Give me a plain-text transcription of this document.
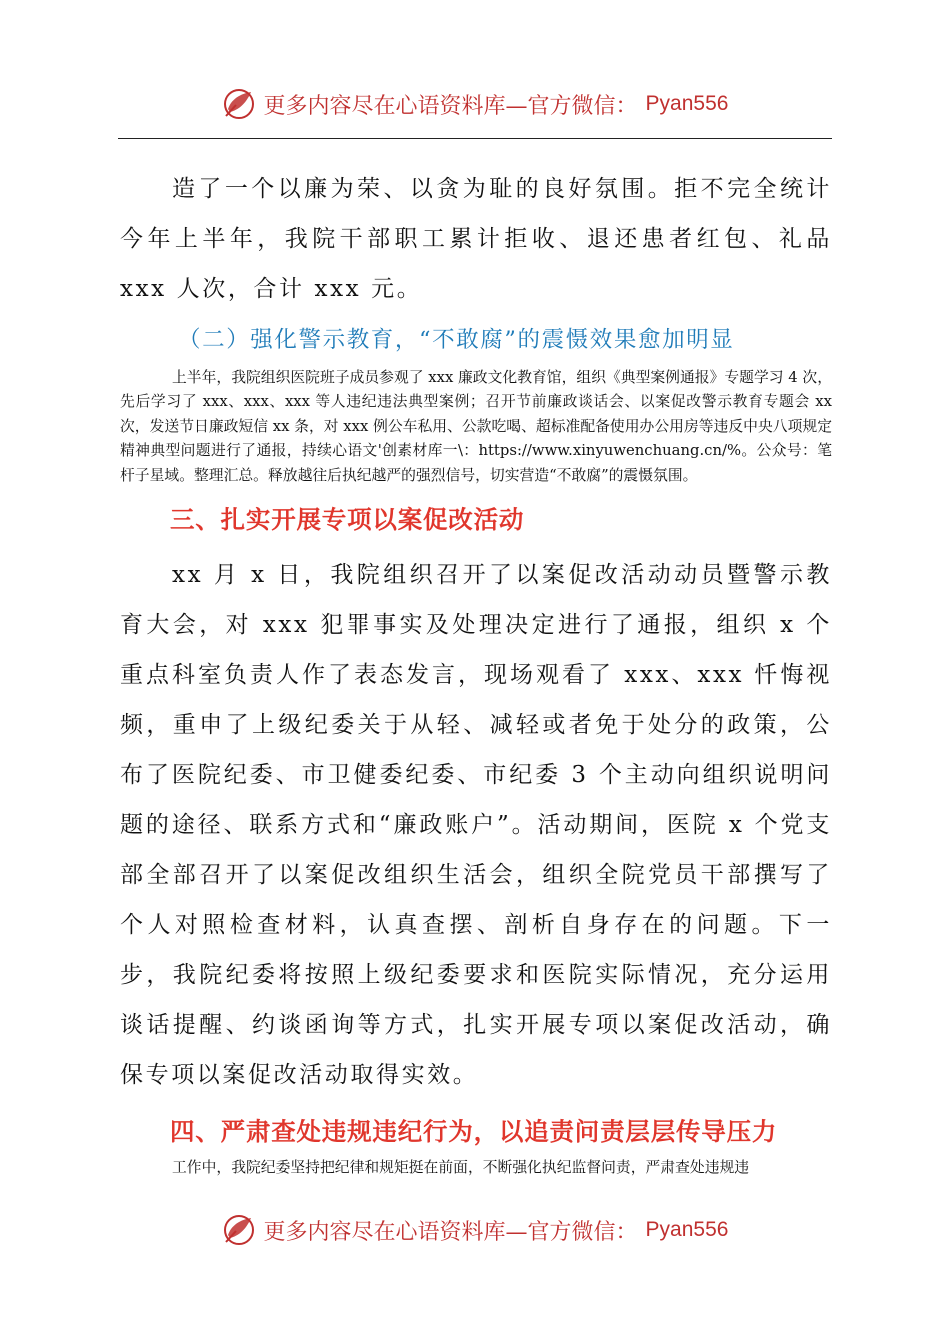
更多内容尽在心语资料库—官方微信： Pyan556

造了一个以廉为荣、以贪为耻的良好氛围。拒不完全统计今年上半年，我院干部职工累计拒收、退还患者红包、礼品 xxx 人次，合计 xxx 元。

（二）强化警示教育，“不敢腐”的震慑效果愈加明显

上半年，我院组织医院班子成员参观了 xxx 廉政文化教育馆，组织《典型案例通报》专题学习 4 次，先后学习了 xxx、xxx、xxx 等人违纪违法典型案例；召开节前廉政谈话会、以案促改警示教育专题会 xx 次，发送节日廉政短信 xx 条，对 xxx 例公车私用、公款吃喝、超标准配备使用办公用房等违反中央八项规定精神典型问题进行了通报，持续心语文'创素材库一\：https://www.xinyuwenchuang.cn/%。公众号：笔杆子星域。整理汇总。释放越往后执纪越严的强烈信号，切实营造“不敢腐”的震慑氛围。

三、扎实开展专项以案促改活动

xx 月 x 日，我院组织召开了以案促改活动动员暨警示教育大会，对 xxx 犯罪事实及处理决定进行了通报，组织 x 个重点科室负责人作了表态发言，现场观看了 xxx、xxx 忏悔视频，重申了上级纪委关于从轻、减轻或者免于处分的政策，公布了医院纪委、市卫健委纪委、市纪委 3 个主动向组织说明问题的途径、联系方式和“廉政账户”。活动期间，医院 x 个党支部全部召开了以案促改组织生活会，组织全院党员干部撰写了个人对照检查材料，认真查摆、剖析自身存在的问题。下一步，我院纪委将按照上级纪委要求和医院实际情况，充分运用谈话提醒、约谈函询等方式，扎实开展专项以案促改活动，确保专项以案促改活动取得实效。

四、严肃查处违规违纪行为，以追责问责层层传导压力

工作中，我院纪委坚持把纪律和规矩挺在前面，不断强化执纪监督问责，严肃查处违规违

更多内容尽在心语资料库—官方微信： Pyan556
